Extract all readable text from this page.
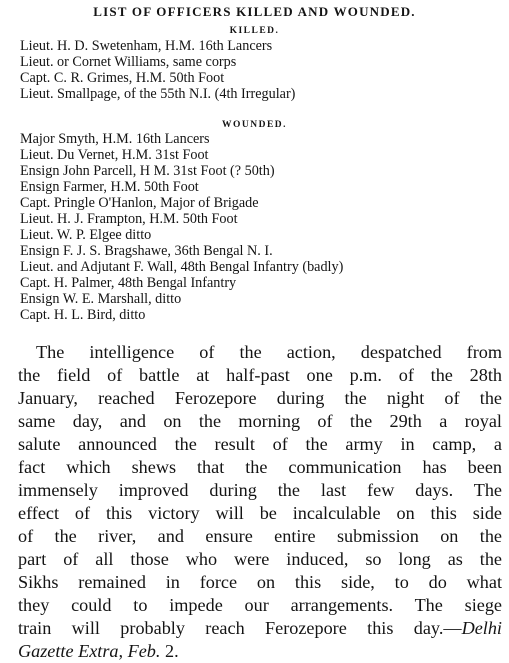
LIST OF OFFICERS KILLED AND WOUNDED.
KILLED.
Lieut. H. D. Swetenham, H.M. 16th Lancers
Lieut. or Cornet Williams, same corps
Capt. C. R. Grimes, H.M. 50th Foot
Lieut. Smallpage, of the 55th N.I. (4th Irregular)
WOUNDED.
Major Smyth, H.M. 16th Lancers
Lieut. Du Vernet, H.M. 31st Foot
Ensign John Parcell, H M. 31st Foot (? 50th)
Ensign Farmer, H.M. 50th Foot
Capt. Pringle O'Hanlon, Major of Brigade
Lieut. H. J. Frampton, H.M. 50th Foot
Lieut. W. P. Elgee ditto
Ensign F. J. S. Bragshawe, 36th Bengal N. I.
Lieut. and Adjutant F. Wall, 48th Bengal Infantry (badly)
Capt. H. Palmer, 48th Bengal Infantry
Ensign W. E. Marshall, ditto
Capt. H. L. Bird, ditto
The intelligence of the action, despatched from
the field of battle at half-past one p.m. of the 28th
January, reached Ferozepore during the night of the
same day, and on the morning of the 29th a royal
salute announced the result of the army in camp, a
fact which shews that the communication has been
immensely improved during the last few days. The
effect of this victory will be incalculable on this side
of the river, and ensure entire submission on the
part of all those who were induced, so long as the
Sikhs remained in force on this side, to do what
they could to impede our arrangements. The siege
train will probably reach Ferozepore this day.—Delhi
Gazette Extra, Feb. 2.
